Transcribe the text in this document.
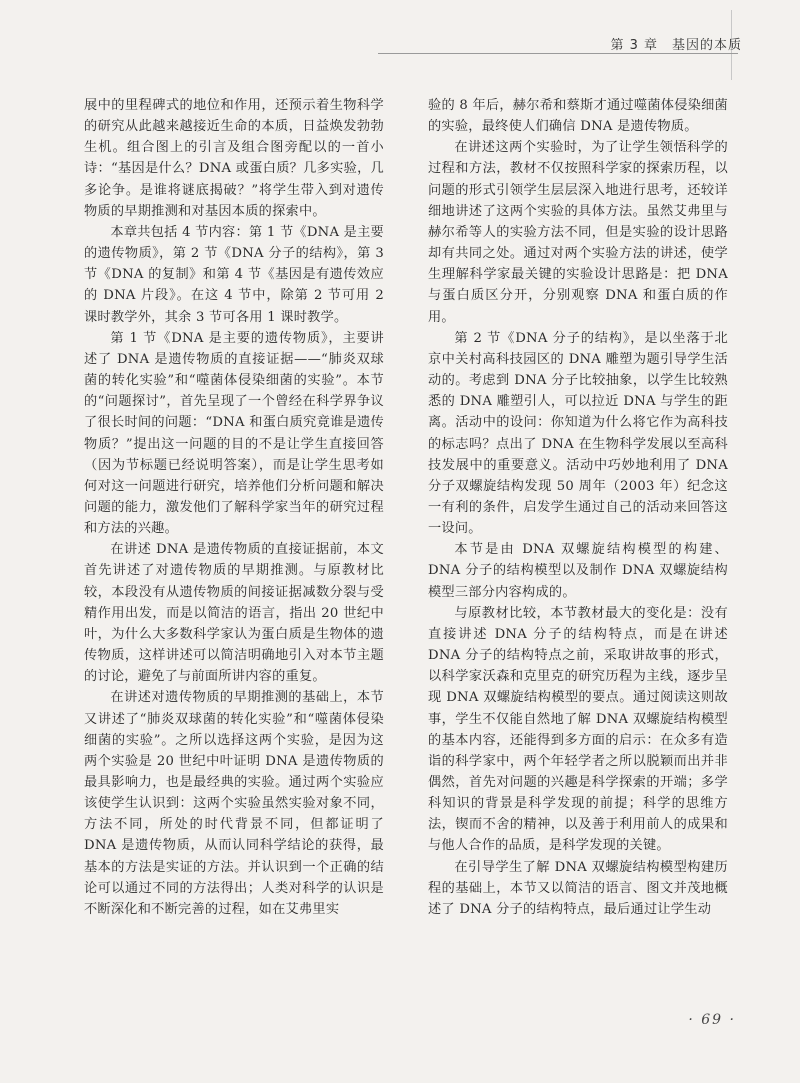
第 3 章　基因的本质

展中的里程碑式的地位和作用，还预示着生物科学的研究从此越来越接近生命的本质，日益焕发勃勃生机。组合图上的引言及组合图旁配以的一首小诗：“基因是什么？DNA 或蛋白质？几多实验，几多论争。是谁将谜底揭破？”将学生带入到对遗传物质的早期推测和对基因本质的探索中。

本章共包括 4 节内容：第 1 节《DNA 是主要的遗传物质》，第 2 节《DNA 分子的结构》，第 3 节《DNA 的复制》和第 4 节《基因是有遗传效应的 DNA 片段》。在这 4 节中，除第 2 节可用 2 课时教学外，其余 3 节可各用 1 课时教学。

第 1 节《DNA 是主要的遗传物质》，主要讲述了 DNA 是遗传物质的直接证据——“肺炎双球菌的转化实验”和“噬菌体侵染细菌的实验”。本节的“问题探讨”，首先呈现了一个曾经在科学界争议了很长时间的问题：“DNA 和蛋白质究竟谁是遗传物质？”提出这一问题的目的不是让学生直接回答（因为节标题已经说明答案），而是让学生思考如何对这一问题进行研究，培养他们分析问题和解决问题的能力，激发他们了解科学家当年的研究过程和方法的兴趣。

在讲述 DNA 是遗传物质的直接证据前，本文首先讲述了对遗传物质的早期推测。与原教材比较，本段没有从遗传物质的间接证据减数分裂与受精作用出发，而是以简洁的语言，指出 20 世纪中叶，为什么大多数科学家认为蛋白质是生物体的遗传物质，这样讲述可以简洁明确地引入对本节主题的讨论，避免了与前面所讲内容的重复。

在讲述对遗传物质的早期推测的基础上，本节又讲述了“肺炎双球菌的转化实验”和“噬菌体侵染细菌的实验”。之所以选择这两个实验，是因为这两个实验是 20 世纪中叶证明 DNA 是遗传物质的最具影响力，也是最经典的实验。通过两个实验应该使学生认识到：这两个实验虽然实验对象不同，方法不同，所处的时代背景不同，但都证明了 DNA 是遗传物质，从而认同科学结论的获得，最基本的方法是实证的方法。并认识到一个正确的结论可以通过不同的方法得出；人类对科学的认识是不断深化和不断完善的过程，如在艾弗里实

验的 8 年后，赫尔希和蔡斯才通过噬菌体侵染细菌的实验，最终使人们确信 DNA 是遗传物质。

在讲述这两个实验时，为了让学生领悟科学的过程和方法，教材不仅按照科学家的探索历程，以问题的形式引领学生层层深入地进行思考，还较详细地讲述了这两个实验的具体方法。虽然艾弗里与赫尔希等人的实验方法不同，但是实验的设计思路却有共同之处。通过对两个实验方法的讲述，使学生理解科学家最关键的实验设计思路是：把 DNA 与蛋白质区分开，分别观察 DNA 和蛋白质的作用。

第 2 节《DNA 分子的结构》，是以坐落于北京中关村高科技园区的 DNA 雕塑为题引导学生活动的。考虑到 DNA 分子比较抽象，以学生比较熟悉的 DNA 雕塑引人，可以拉近 DNA 与学生的距离。活动中的设问：你知道为什么将它作为高科技的标志吗？点出了 DNA 在生物科学发展以至高科技发展中的重要意义。活动中巧妙地利用了 DNA 分子双螺旋结构发现 50 周年（2003 年）纪念这一有利的条件，启发学生通过自己的活动来回答这一设问。

本节是由 DNA 双螺旋结构模型的构建、DNA 分子的结构模型以及制作 DNA 双螺旋结构模型三部分内容构成的。

与原教材比较，本节教材最大的变化是：没有直接讲述 DNA 分子的结构特点，而是在讲述 DNA 分子的结构特点之前，采取讲故事的形式，以科学家沃森和克里克的研究历程为主线，逐步呈现 DNA 双螺旋结构模型的要点。通过阅读这则故事，学生不仅能自然地了解 DNA 双螺旋结构模型的基本内容，还能得到多方面的启示：在众多有造诣的科学家中，两个年轻学者之所以脱颖而出并非偶然，首先对问题的兴趣是科学探索的开端；多学科知识的背景是科学发现的前提；科学的思维方法，锲而不舍的精神，以及善于利用前人的成果和与他人合作的品质，是科学发现的关键。

在引导学生了解 DNA 双螺旋结构模型构建历程的基础上，本节又以简洁的语言、图文并茂地概述了 DNA 分子的结构特点，最后通过让学生动

· 69 ·
